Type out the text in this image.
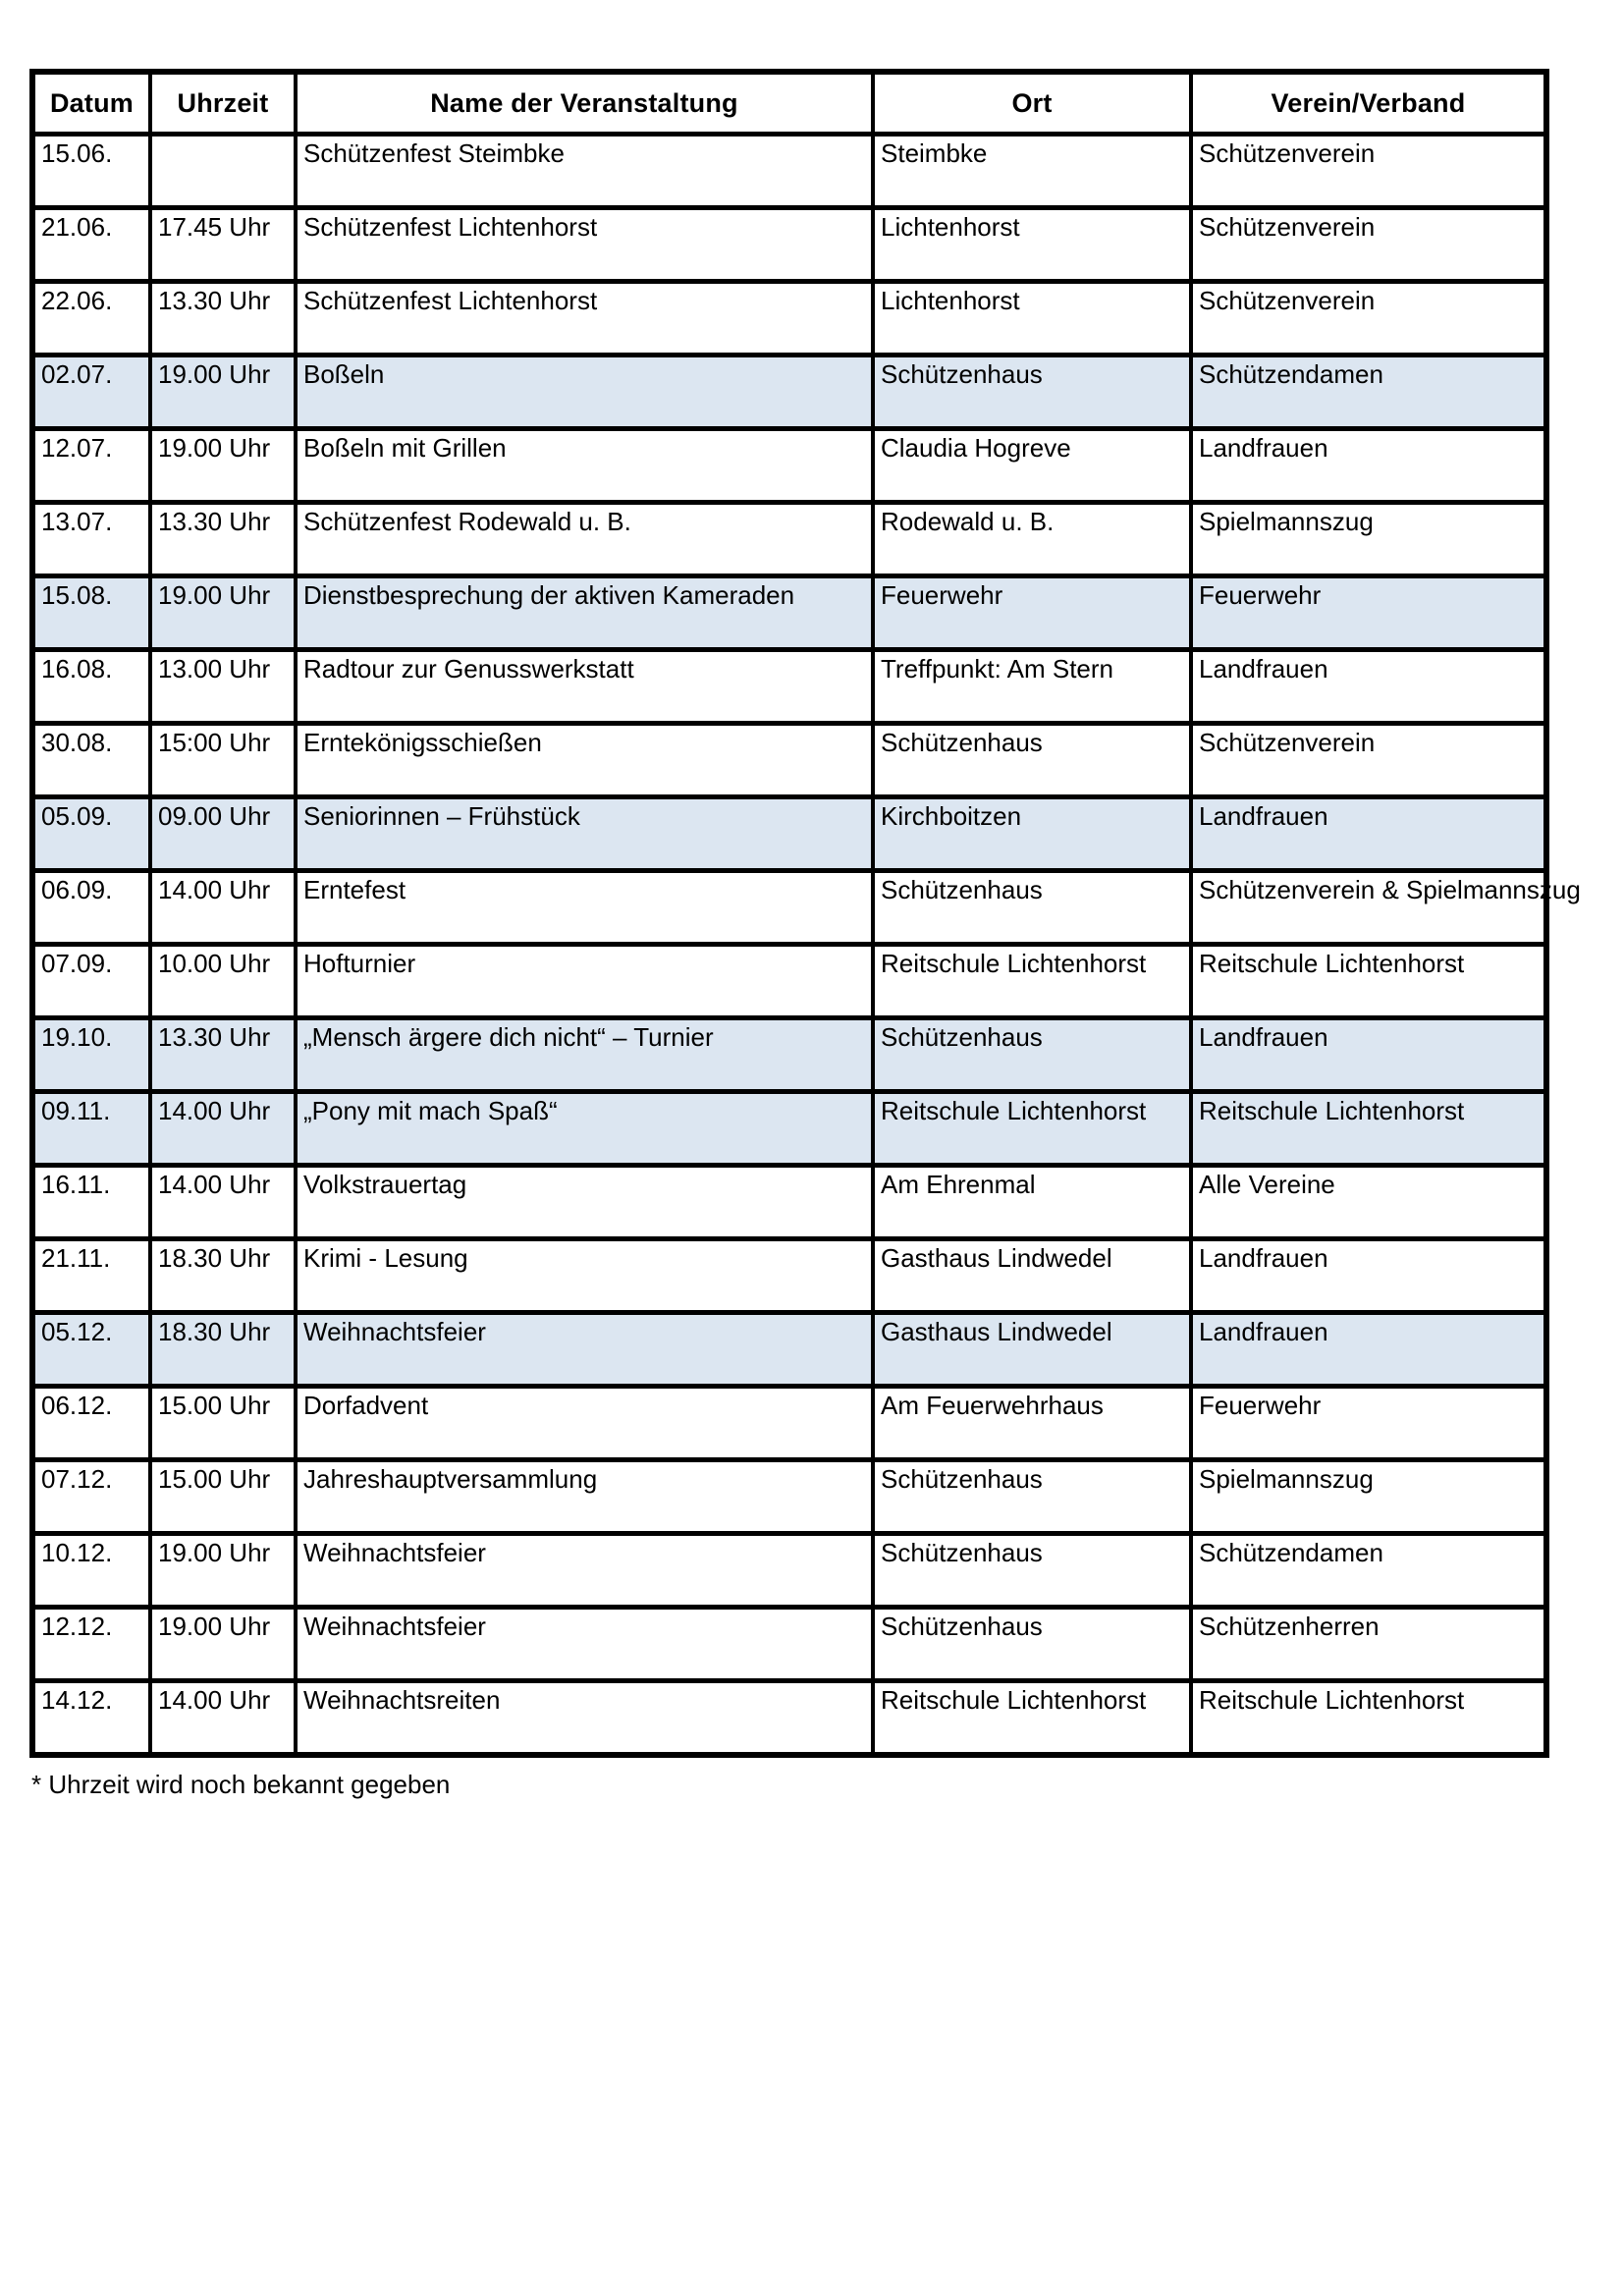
Datum	Uhrzeit	Name der Veranstaltung	Ort	Verein/Verband
15.06.		Schützenfest Steimbke	Steimbke	Schützenverein
21.06.	17.45 Uhr	Schützenfest Lichtenhorst	Lichtenhorst	Schützenverein
22.06.	13.30 Uhr	Schützenfest Lichtenhorst	Lichtenhorst	Schützenverein
02.07.	19.00 Uhr	Boßeln	Schützenhaus	Schützendamen
12.07.	19.00 Uhr	Boßeln mit Grillen	Claudia Hogreve	Landfrauen
13.07.	13.30 Uhr	Schützenfest Rodewald u. B.	Rodewald u. B.	Spielmannszug
15.08.	19.00 Uhr	Dienstbesprechung der aktiven Kameraden	Feuerwehr	Feuerwehr
16.08.	13.00 Uhr	Radtour zur Genusswerkstatt	Treffpunkt: Am Stern	Landfrauen
30.08.	15:00 Uhr	Erntekönigsschießen	Schützenhaus	Schützenverein
05.09.	09.00 Uhr	Seniorinnen – Frühstück	Kirchboitzen	Landfrauen
06.09.	14.00 Uhr	Erntefest	Schützenhaus	Schützenverein & Spielmannszug
07.09.	10.00 Uhr	Hofturnier	Reitschule Lichtenhorst	Reitschule Lichtenhorst
19.10.	13.30 Uhr	„Mensch ärgere dich nicht“ – Turnier	Schützenhaus	Landfrauen
09.11.	14.00 Uhr	„Pony mit mach Spaß“	Reitschule Lichtenhorst	Reitschule Lichtenhorst
16.11.	14.00 Uhr	Volkstrauertag	Am Ehrenmal	Alle Vereine
21.11.	18.30 Uhr	Krimi - Lesung	Gasthaus Lindwedel	Landfrauen
05.12.	18.30 Uhr	Weihnachtsfeier	Gasthaus Lindwedel	Landfrauen
06.12.	15.00 Uhr	Dorfadvent	Am Feuerwehrhaus	Feuerwehr
07.12.	15.00 Uhr	Jahreshauptversammlung	Schützenhaus	Spielmannszug
10.12.	19.00 Uhr	Weihnachtsfeier	Schützenhaus	Schützendamen
12.12.	19.00 Uhr	Weihnachtsfeier	Schützenhaus	Schützenherren
14.12.	14.00 Uhr	Weihnachtsreiten	Reitschule Lichtenhorst	Reitschule Lichtenhorst
* Uhrzeit wird noch bekannt gegeben
